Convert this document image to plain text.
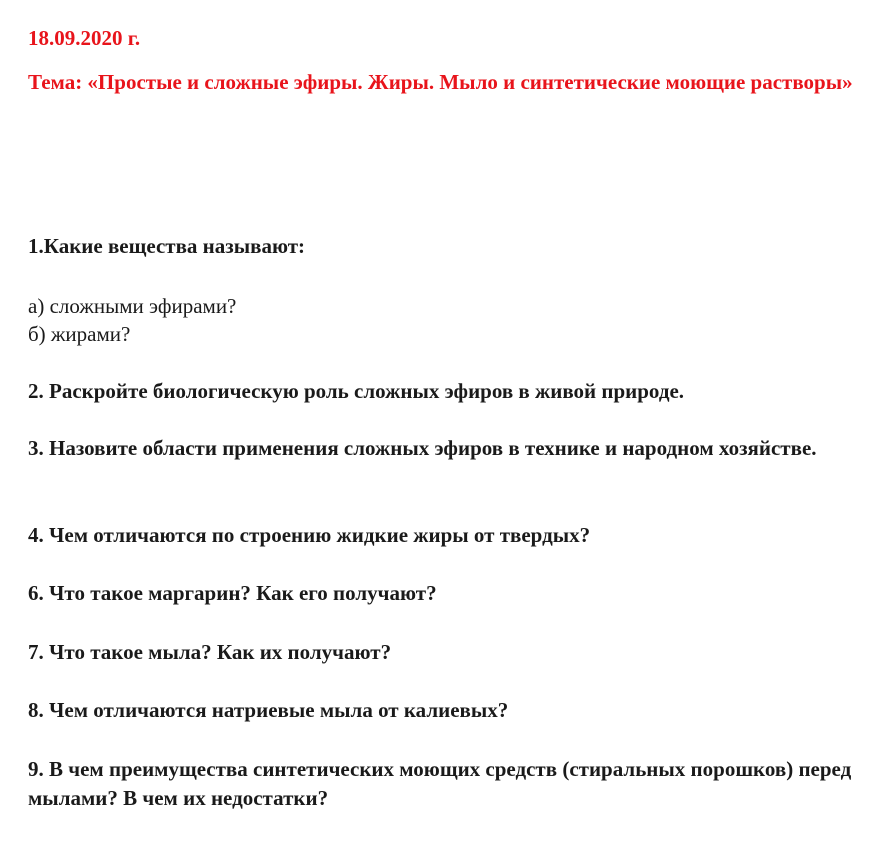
18.09.2020 г.
Тема: «Простые и сложные эфиры. Жиры. Мыло и синтетические моющие растворы»
1.Какие вещества называют:
а) сложными эфирами?
б) жирами?
2. Раскройте биологическую роль сложных эфиров в живой природе.
3. Назовите области применения сложных эфиров в технике и народном хозяйстве.
4. Чем отличаются по строению жидкие жиры от твердых?
6. Что такое маргарин? Как его получают?
7. Что такое мыла? Как их получают?
8. Чем отличаются натриевые мыла от калиевых?
9. В чем преимущества синтетических моющих средств (стиральных порошков) перед мылами? В чем их недостатки?
